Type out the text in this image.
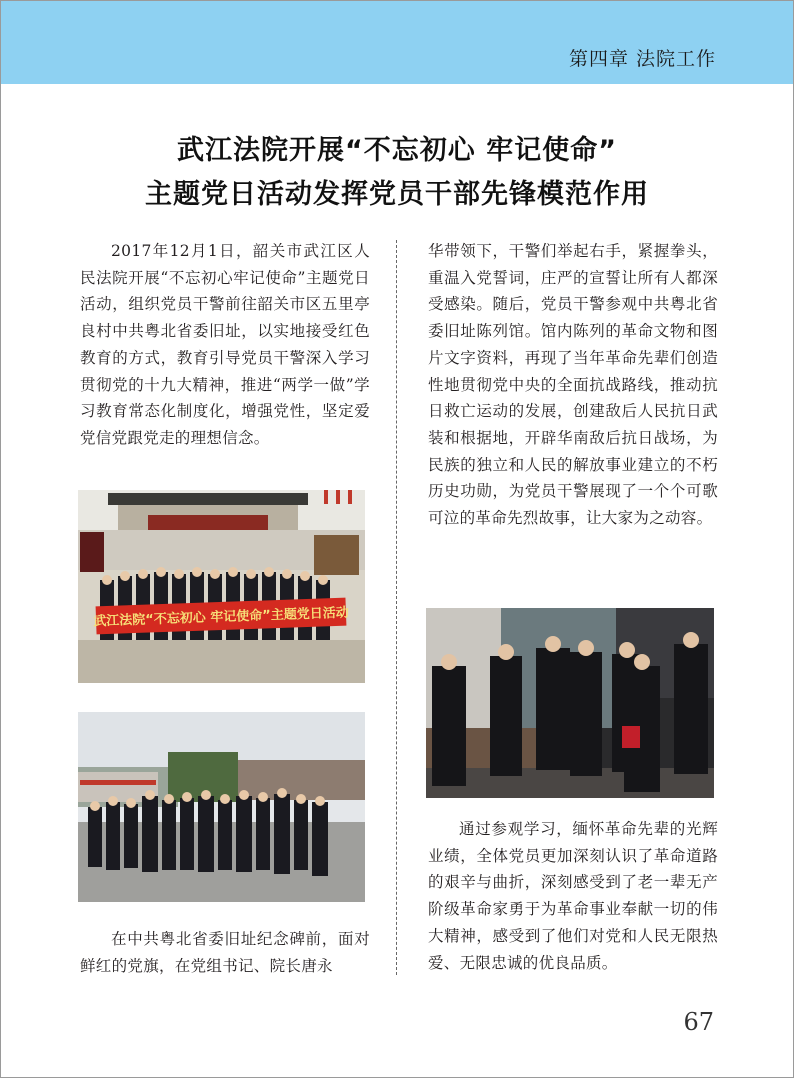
第四章 法院工作
武江法院开展“不忘初心 牢记使命”
主题党日活动发挥党员干部先锋模范作用

2017年12月1日，韶关市武江区人民法院开展“不忘初心牢记使命”主题党日活动，组织党员干警前往韶关市区五里亭良村中共粤北省委旧址，以实地接受红色教育的方式，教育引导党员干警深入学习贯彻党的十九大精神，推进“两学一做”学习教育常态化制度化，增强党性，坚定爱党信党跟党走的理想信念。

武江法院“不忘初心 牢记使命”主题党日活动

在中共粤北省委旧址纪念碑前，面对鲜红的党旗，在党组书记、院长唐永

华带领下，干警们举起右手，紧握拳头，重温入党誓词，庄严的宣誓让所有人都深受感染。随后，党员干警参观中共粤北省委旧址陈列馆。馆内陈列的革命文物和图片文字资料，再现了当年革命先辈们创造性地贯彻党中央的全面抗战路线，推动抗日救亡运动的发展，创建敌后人民抗日武装和根据地，开辟华南敌后抗日战场，为民族的独立和人民的解放事业建立的不朽历史功勋，为党员干警展现了一个个可歌可泣的革命先烈故事，让大家为之动容。

通过参观学习，缅怀革命先辈的光辉业绩，全体党员更加深刻认识了革命道路的艰辛与曲折，深刻感受到了老一辈无产阶级革命家勇于为革命事业奉献一切的伟大精神，感受到了他们对党和人民无限热爱、无限忠诚的优良品质。

67
